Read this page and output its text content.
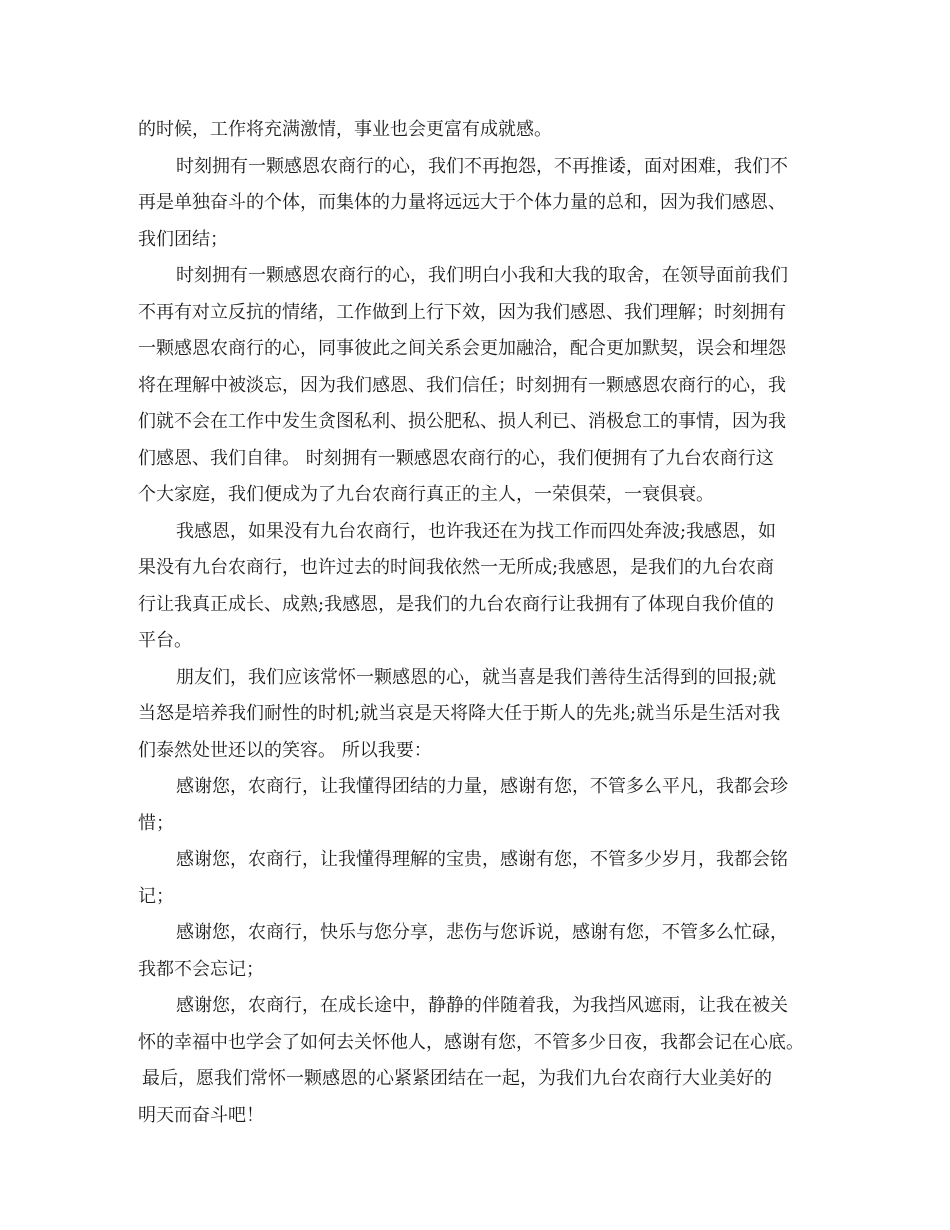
的时候，工作将充满激情，事业也会更富有成就感。
时刻拥有一颗感恩农商行的心，我们不再抱怨，不再推诿，面对困难，我们不
再是单独奋斗的个体，而集体的力量将远远大于个体力量的总和，因为我们感恩、
我们团结；
时刻拥有一颗感恩农商行的心，我们明白小我和大我的取舍，在领导面前我们
不再有对立反抗的情绪，工作做到上行下效，因为我们感恩、我们理解；时刻拥有
一颗感恩农商行的心，同事彼此之间关系会更加融洽，配合更加默契，误会和埋怨
将在理解中被淡忘，因为我们感恩、我们信任；时刻拥有一颗感恩农商行的心，我
们就不会在工作中发生贪图私利、损公肥私、损人利已、消极怠工的事情，因为我
们感恩、我们自律。 时刻拥有一颗感恩农商行的心，我们便拥有了九台农商行这
个大家庭，我们便成为了九台农商行真正的主人，一荣俱荣，一衰俱衰。
我感恩，如果没有九台农商行，也许我还在为找工作而四处奔波;我感恩，如
果没有九台农商行，也许过去的时间我依然一无所成;我感恩，是我们的九台农商
行让我真正成长、成熟;我感恩，是我们的九台农商行让我拥有了体现自我价值的
平台。
朋友们，我们应该常怀一颗感恩的心，就当喜是我们善待生活得到的回报;就
当怒是培养我们耐性的时机;就当哀是天将降大任于斯人的先兆;就当乐是生活对我
们泰然处世还以的笑容。 所以我要：
感谢您，农商行，让我懂得团结的力量，感谢有您，不管多么平凡，我都会珍
惜；
感谢您，农商行，让我懂得理解的宝贵，感谢有您，不管多少岁月，我都会铭
记；
感谢您，农商行，快乐与您分享，悲伤与您诉说，感谢有您，不管多么忙碌，
我都不会忘记；
感谢您，农商行，在成长途中，静静的伴随着我，为我挡风遮雨，让我在被关
怀的幸福中也学会了如何去关怀他人，感谢有您，不管多少日夜，我都会记在心底。
最后，愿我们常怀一颗感恩的心紧紧团结在一起，为我们九台农商行大业美好的
明天而奋斗吧！
